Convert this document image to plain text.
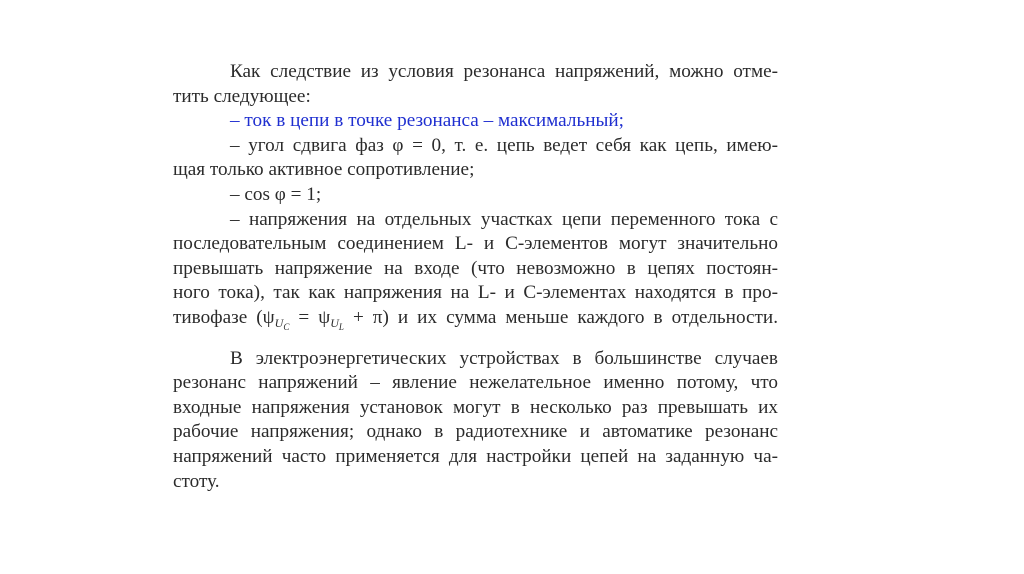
Как следствие из условия резонанса напряжений, можно отме-
тить следующее:
– ток в цепи в точке резонанса – максимальный;
– угол сдвига фаз φ = 0, т. е. цепь ведет себя как цепь, имею-
щая только активное сопротивление;
– cos φ = 1;
– напряжения на отдельных участках цепи переменного тока с
последовательным соединением L- и C-элементов могут значительно
превышать напряжение на входе (что невозможно в цепях постоян-
ного тока), так как напряжения на L- и C-элементах находятся в про-
тивофазе $(\psi_{U_C} = \psi_{U_L} + \pi)$ и их сумма меньше каждого в отдельности.
В электроэнергетических устройствах в большинстве случаев
резонанс напряжений – явление нежелательное именно потому, что
входные напряжения установок могут в несколько раз превышать их
рабочие напряжения; однако в радиотехнике и автоматике резонанс
напряжений часто применяется для настройки цепей на заданную ча-
стоту.
